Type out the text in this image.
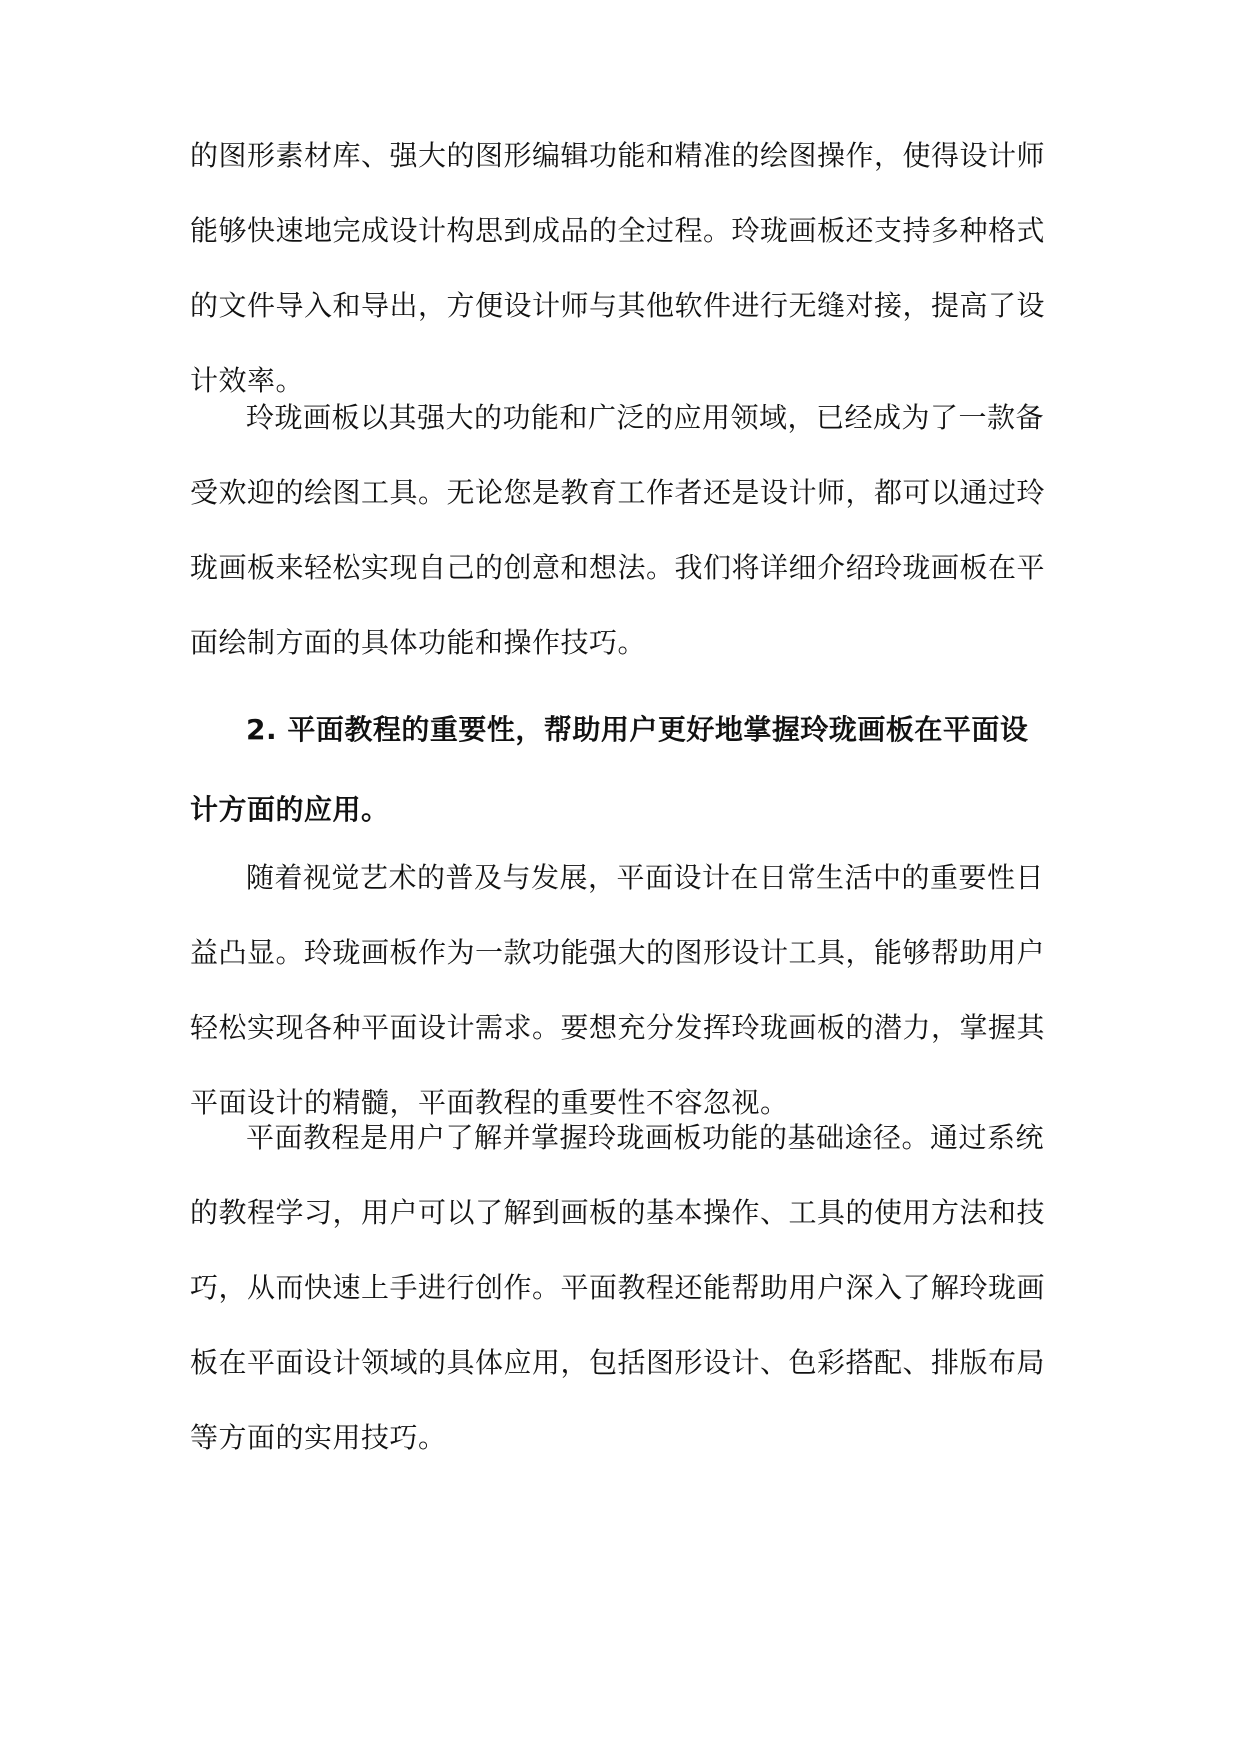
的图形素材库、强大的图形编辑功能和精准的绘图操作，使得设计师
能够快速地完成设计构思到成品的全过程。玲珑画板还支持多种格式
的文件导入和导出，方便设计师与其他软件进行无缝对接，提高了设
计效率。
玲珑画板以其强大的功能和广泛的应用领域，已经成为了一款备
受欢迎的绘图工具。无论您是教育工作者还是设计师，都可以通过玲
珑画板来轻松实现自己的创意和想法。我们将详细介绍玲珑画板在平
面绘制方面的具体功能和操作技巧。
2. 平面教程的重要性，帮助用户更好地掌握玲珑画板在平面设
计方面的应用。
随着视觉艺术的普及与发展，平面设计在日常生活中的重要性日
益凸显。玲珑画板作为一款功能强大的图形设计工具，能够帮助用户
轻松实现各种平面设计需求。要想充分发挥玲珑画板的潜力，掌握其
平面设计的精髓，平面教程的重要性不容忽视。
平面教程是用户了解并掌握玲珑画板功能的基础途径。通过系统
的教程学习，用户可以了解到画板的基本操作、工具的使用方法和技
巧，从而快速上手进行创作。平面教程还能帮助用户深入了解玲珑画
板在平面设计领域的具体应用，包括图形设计、色彩搭配、排版布局
等方面的实用技巧。
